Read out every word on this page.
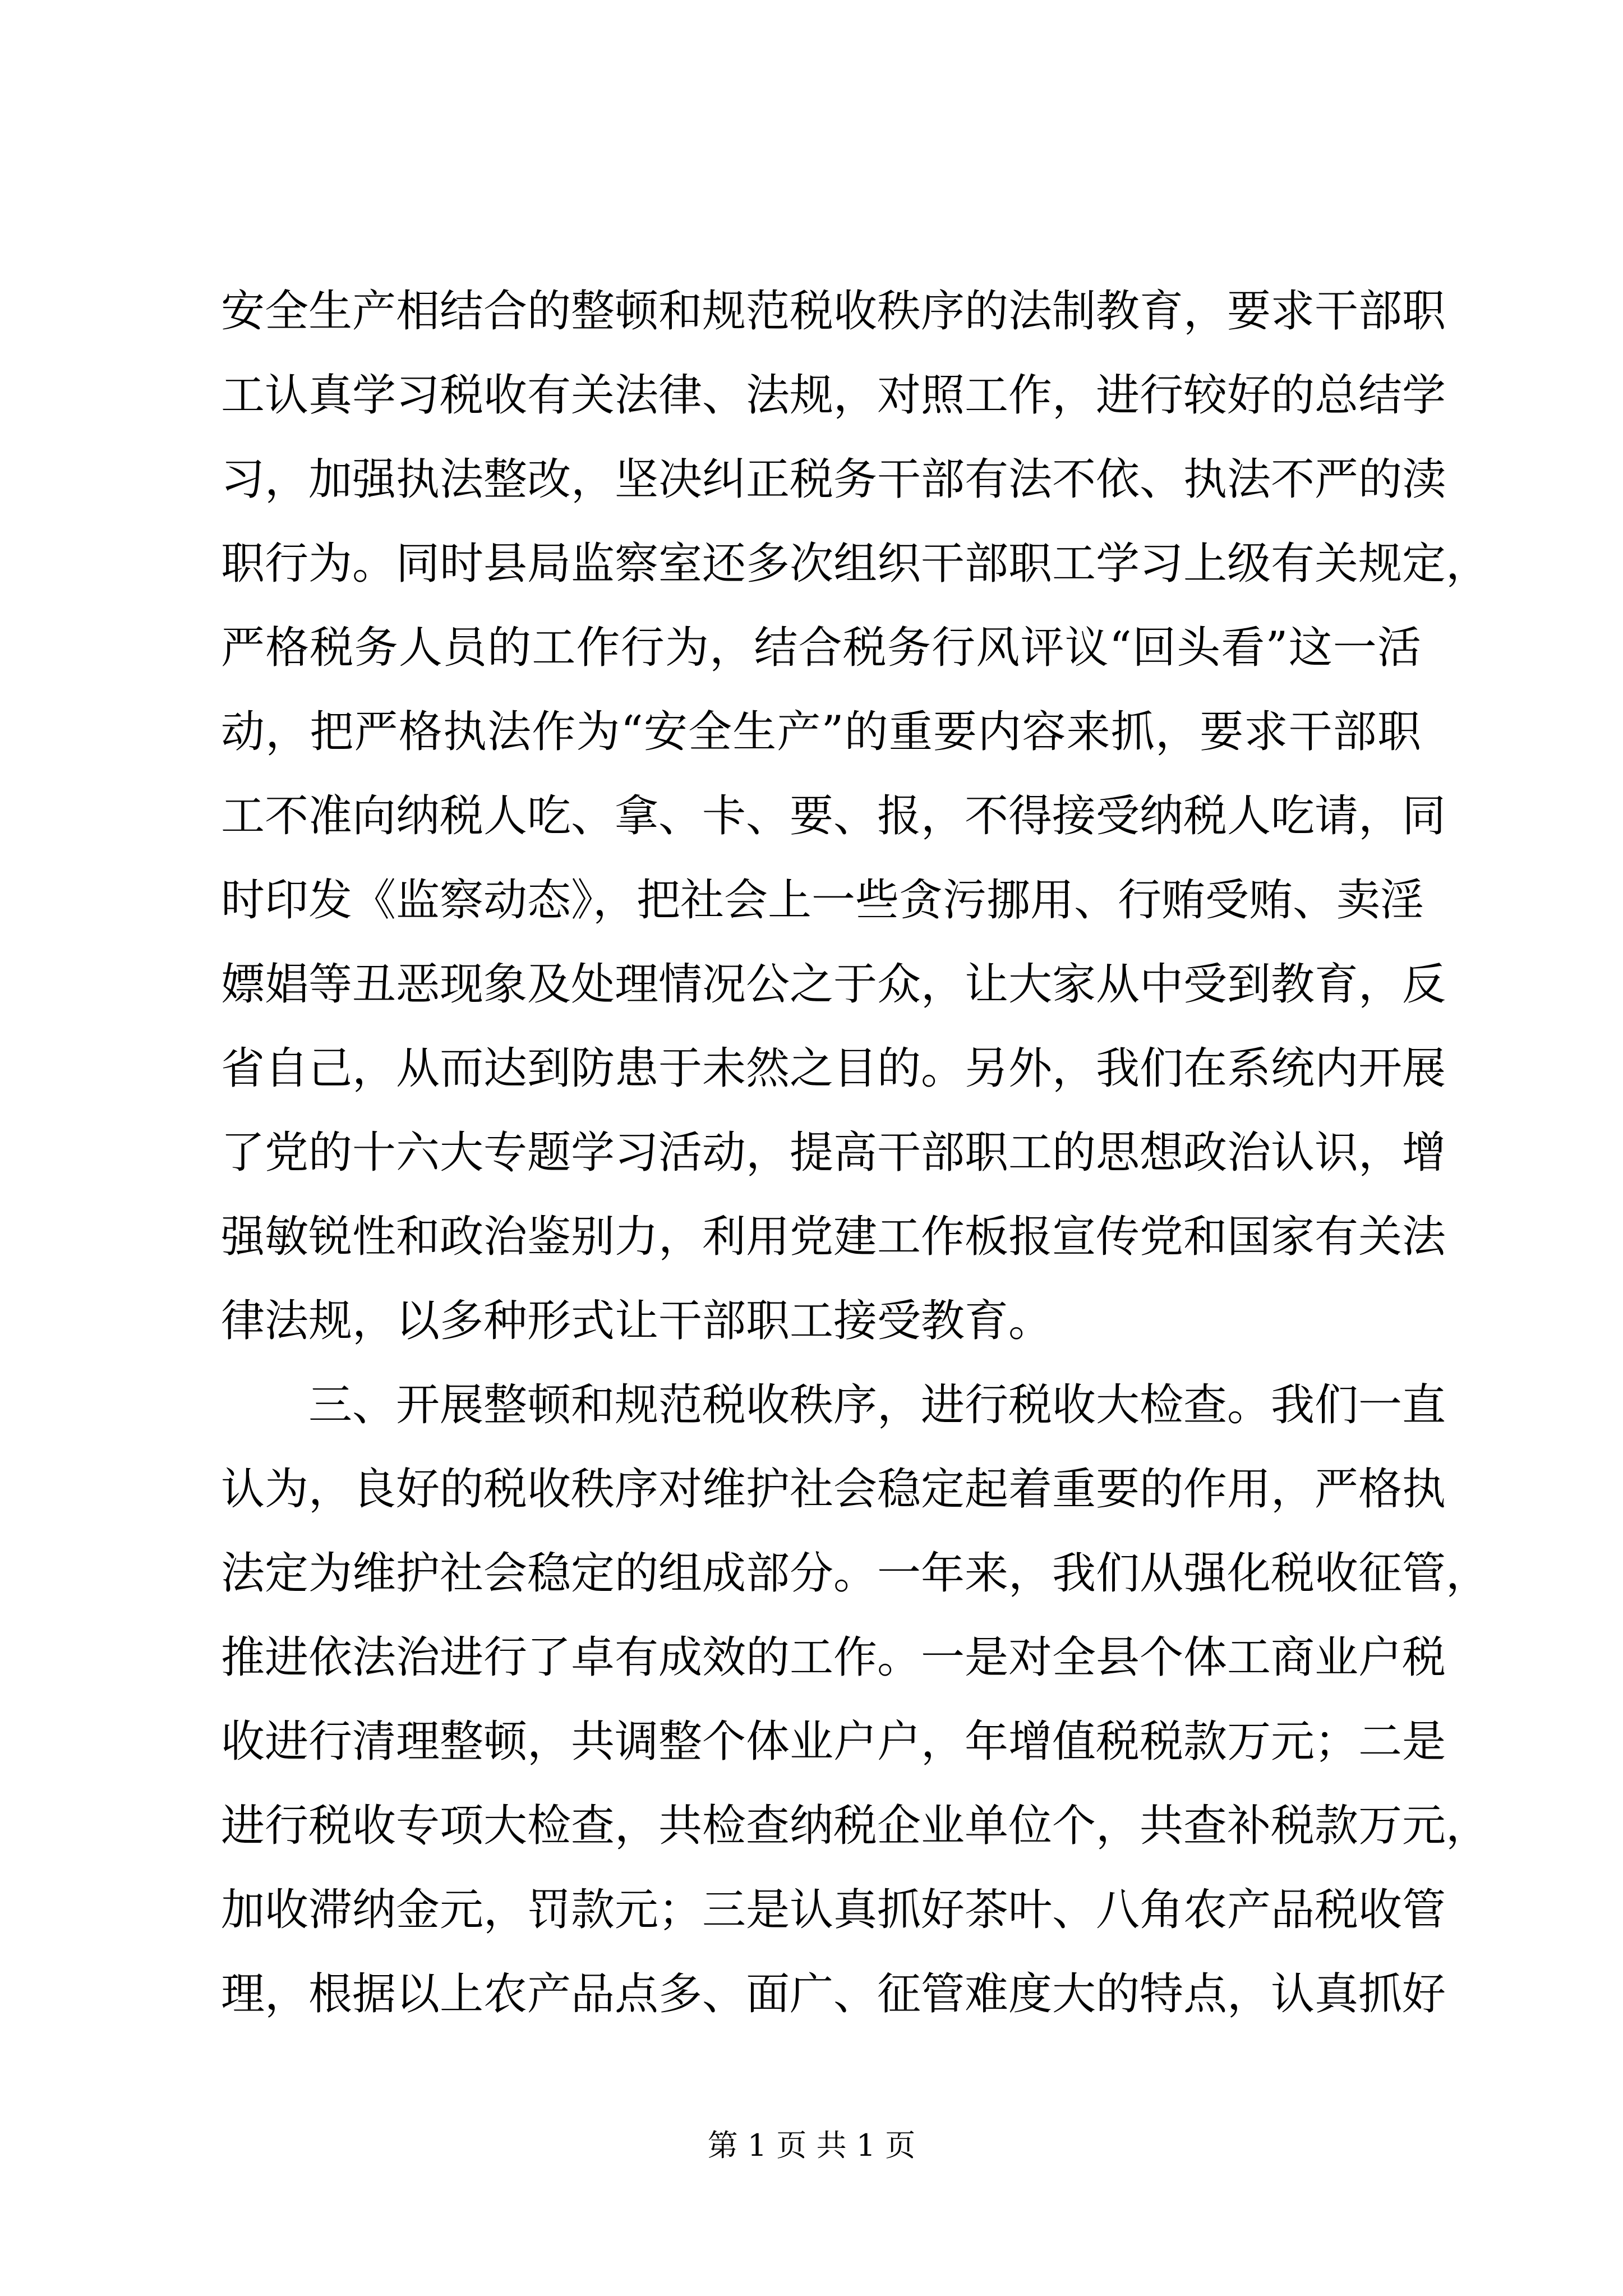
安全生产相结合的整顿和规范税收秩序的法制教育，要求干部职
工认真学习税收有关法律、法规，对照工作，进行较好的总结学
习，加强执法整改，坚决纠正税务干部有法不依、执法不严的渎
职行为。同时县局监察室还多次组织干部职工学习上级有关规定，
严格税务人员的工作行为，结合税务行风评议“回头看”这一活
动，把严格执法作为“安全生产”的重要内容来抓，要求干部职
工不准向纳税人吃、拿、卡、要、报，不得接受纳税人吃请，同
时印发《监察动态》，把社会上一些贪污挪用、行贿受贿、卖淫
嫖娼等丑恶现象及处理情况公之于众，让大家从中受到教育，反
省自己，从而达到防患于未然之目的。另外，我们在系统内开展
了党的十六大专题学习活动，提高干部职工的思想政治认识，增
强敏锐性和政治鉴别力，利用党建工作板报宣传党和国家有关法
律法规，以多种形式让干部职工接受教育。
三、开展整顿和规范税收秩序，进行税收大检查。我们一直
认为，良好的税收秩序对维护社会稳定起着重要的作用，严格执
法定为维护社会稳定的组成部分。一年来，我们从强化税收征管，
推进依法治进行了卓有成效的工作。一是对全县个体工商业户税
收进行清理整顿，共调整个体业户户，年增值税税款万元；二是
进行税收专项大检查，共检查纳税企业单位个，共查补税款万元，
加收滞纳金元，罚款元；三是认真抓好茶叶、八角农产品税收管
理，根据以上农产品点多、面广、征管难度大的特点，认真抓好
第 1 页 共 1 页
